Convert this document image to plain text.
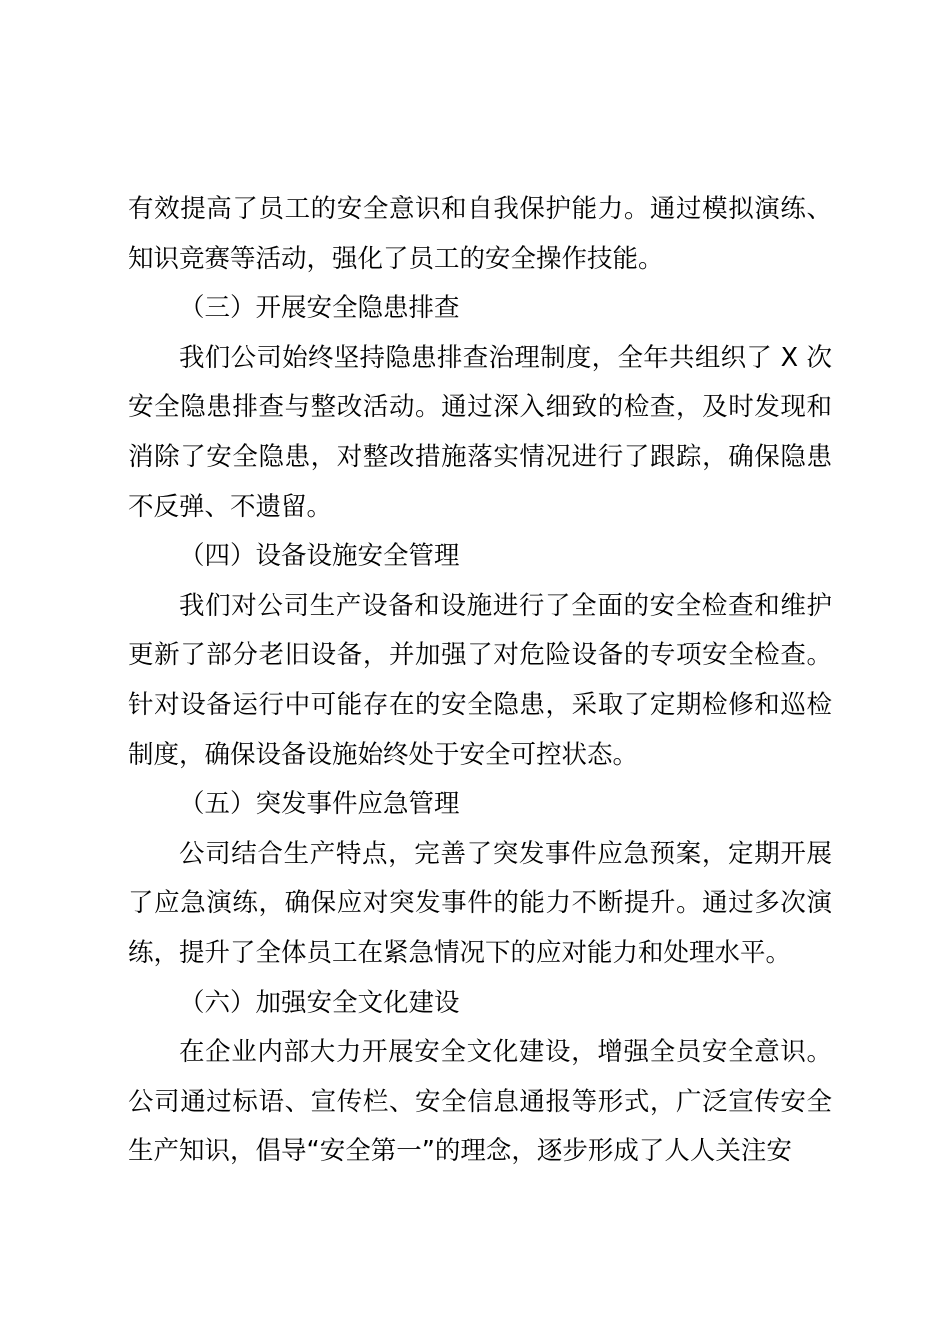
有效提高了员工的安全意识和自我保护能力。通过模拟演练、知识竞赛等活动，强化了员工的安全操作技能。

（三）开展安全隐患排查

我们公司始终坚持隐患排查治理制度，全年共组织了 X 次安全隐患排查与整改活动。通过深入细致的检查，及时发现和消除了安全隐患，对整改措施落实情况进行了跟踪，确保隐患不反弹、不遗留。

（四）设备设施安全管理

我们对公司生产设备和设施进行了全面的安全检查和维护更新了部分老旧设备，并加强了对危险设备的专项安全检查。针对设备运行中可能存在的安全隐患，采取了定期检修和巡检制度，确保设备设施始终处于安全可控状态。

（五）突发事件应急管理

公司结合生产特点，完善了突发事件应急预案，定期开展了应急演练，确保应对突发事件的能力不断提升。通过多次演练，提升了全体员工在紧急情况下的应对能力和处理水平。

（六）加强安全文化建设

在企业内部大力开展安全文化建设，增强全员安全意识。公司通过标语、宣传栏、安全信息通报等形式，广泛宣传安全生产知识，倡导“安全第一”的理念，逐步形成了人人关注安
